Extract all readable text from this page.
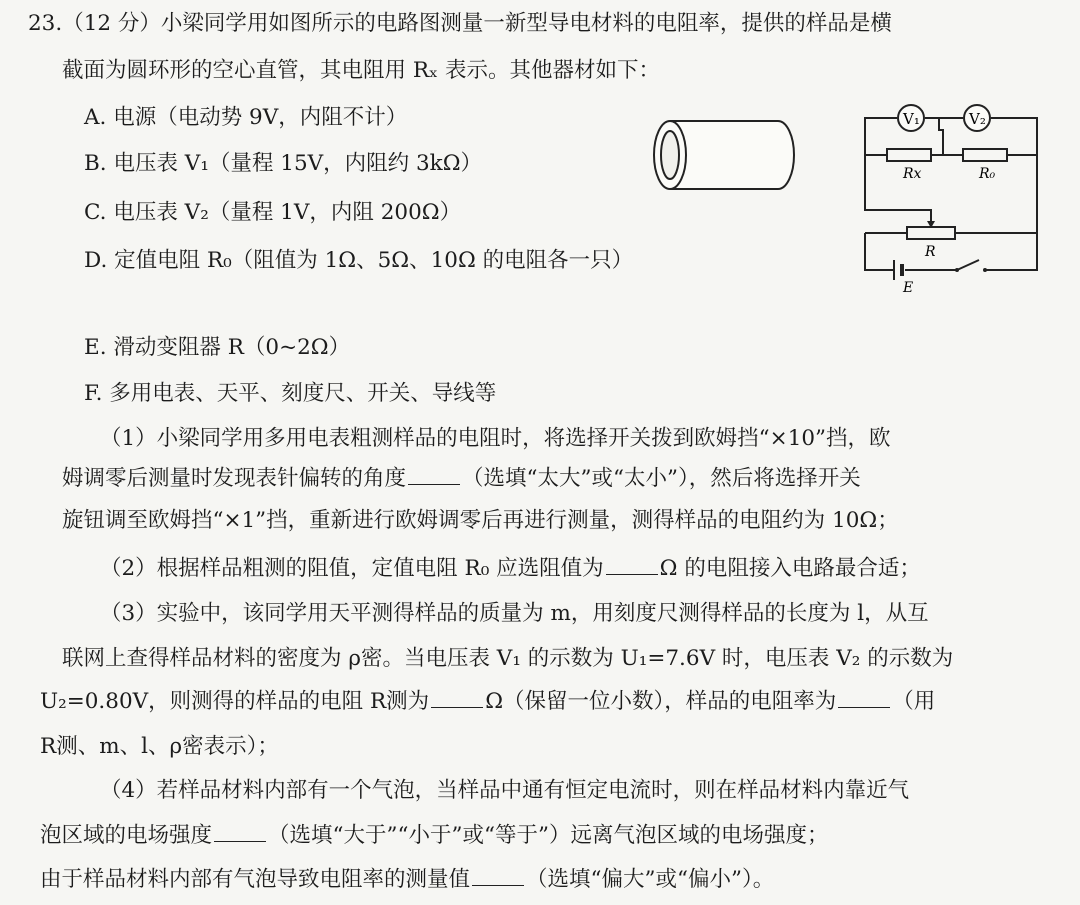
23.（12 分）小梁同学用如图所示的电路图测量一新型导电材料的电阻率，提供的样品是横
截面为圆环形的空心直管，其电阻用 Rₓ 表示。其他器材如下：
A. 电源（电动势 9V，内阻不计）
B. 电压表 V₁（量程 15V，内阻约 3kΩ）
C. 电压表 V₂（量程 1V，内阻 200Ω）
D. 定值电阻 R₀（阻值为 1Ω、5Ω、10Ω 的电阻各一只）
E. 滑动变阻器 R（0~2Ω）
F. 多用电表、天平、刻度尺、开关、导线等
（1）小梁同学用多用电表粗测样品的电阻时，将选择开关拨到欧姆挡“×10”挡，欧
姆调零后测量时发现表针偏转的角度	（选填“太大”或“太小”），然后将选择开关
旋钮调至欧姆挡“×1”挡，重新进行欧姆调零后再进行测量，测得样品的电阻约为 10Ω；
（2）根据样品粗测的阻值，定值电阻 R₀ 应选阻值为	Ω 的电阻接入电路最合适；
（3）实验中，该同学用天平测得样品的质量为 m，用刻度尺测得样品的长度为 l，从互
联网上查得样品材料的密度为 ρ密。当电压表 V₁ 的示数为 U₁=7.6V 时，电压表 V₂ 的示数为
U₂=0.80V，则测得的样品的电阻 R测为	Ω（保留一位小数），样品的电阻率为	（用
R测、m、l、ρ密表示）；
（4）若样品材料内部有一个气泡，当样品中通有恒定电流时，则在样品材料内靠近气
泡区域的电场强度	（选填“大于”“小于”或“等于”）远离气泡区域的电场强度；
由于样品材料内部有气泡导致电阻率的测量值	（选填“偏大”或“偏小”）。
V₁	V₂
Rx	R₀
R
E
